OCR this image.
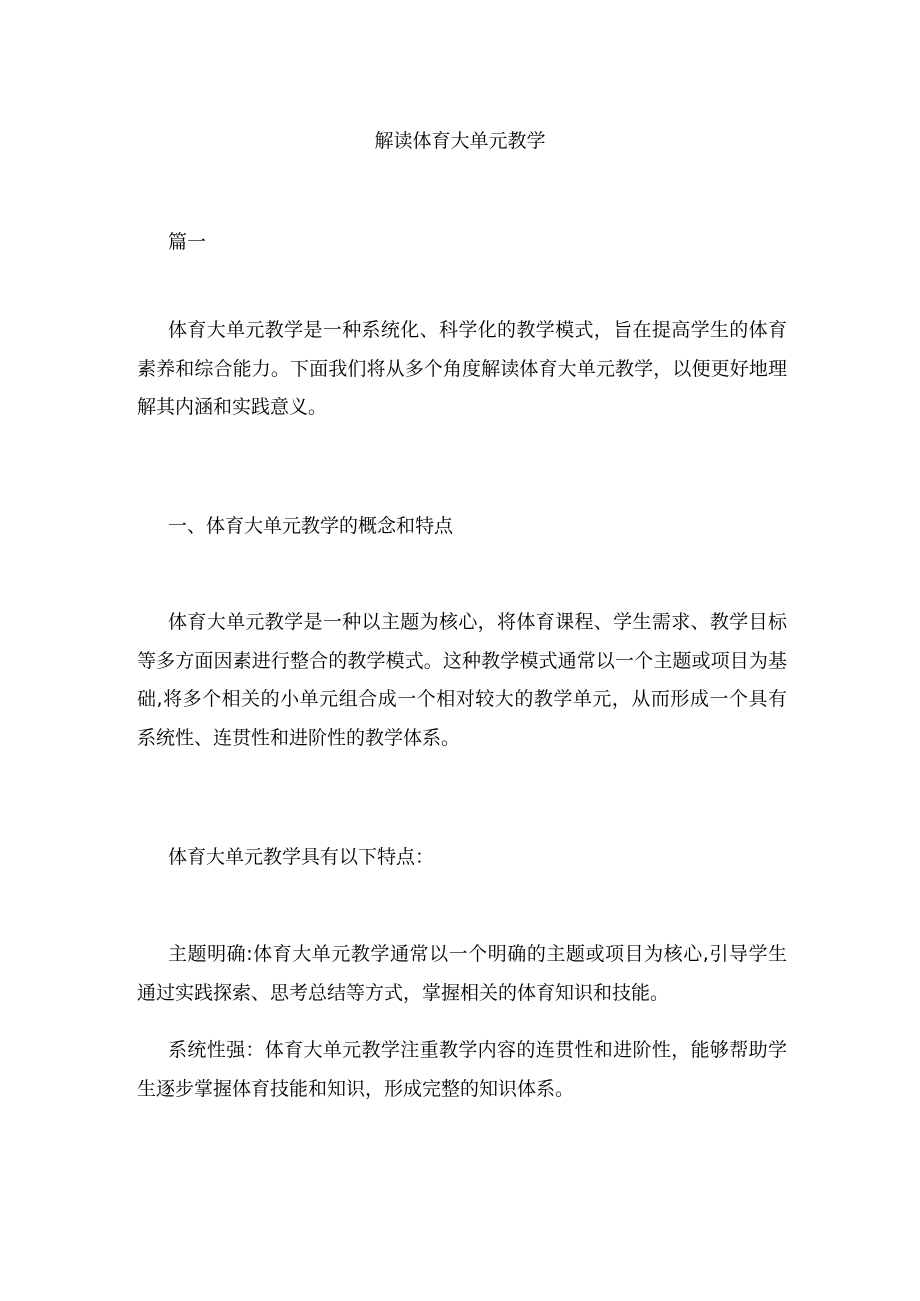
解读体育大单元教学

篇一

体育大单元教学是一种系统化、科学化的教学模式，旨在提高学生的体育素养和综合能力。下面我们将从多个角度解读体育大单元教学，以便更好地理解其内涵和实践意义。

一、体育大单元教学的概念和特点

体育大单元教学是一种以主题为核心，将体育课程、学生需求、教学目标等多方面因素进行整合的教学模式。这种教学模式通常以一个主题或项目为基础,将多个相关的小单元组合成一个相对较大的教学单元，从而形成一个具有系统性、连贯性和进阶性的教学体系。

体育大单元教学具有以下特点：

主题明确:体育大单元教学通常以一个明确的主题或项目为核心,引导学生通过实践探索、思考总结等方式，掌握相关的体育知识和技能。

系统性强：体育大单元教学注重教学内容的连贯性和进阶性，能够帮助学生逐步掌握体育技能和知识，形成完整的知识体系。
